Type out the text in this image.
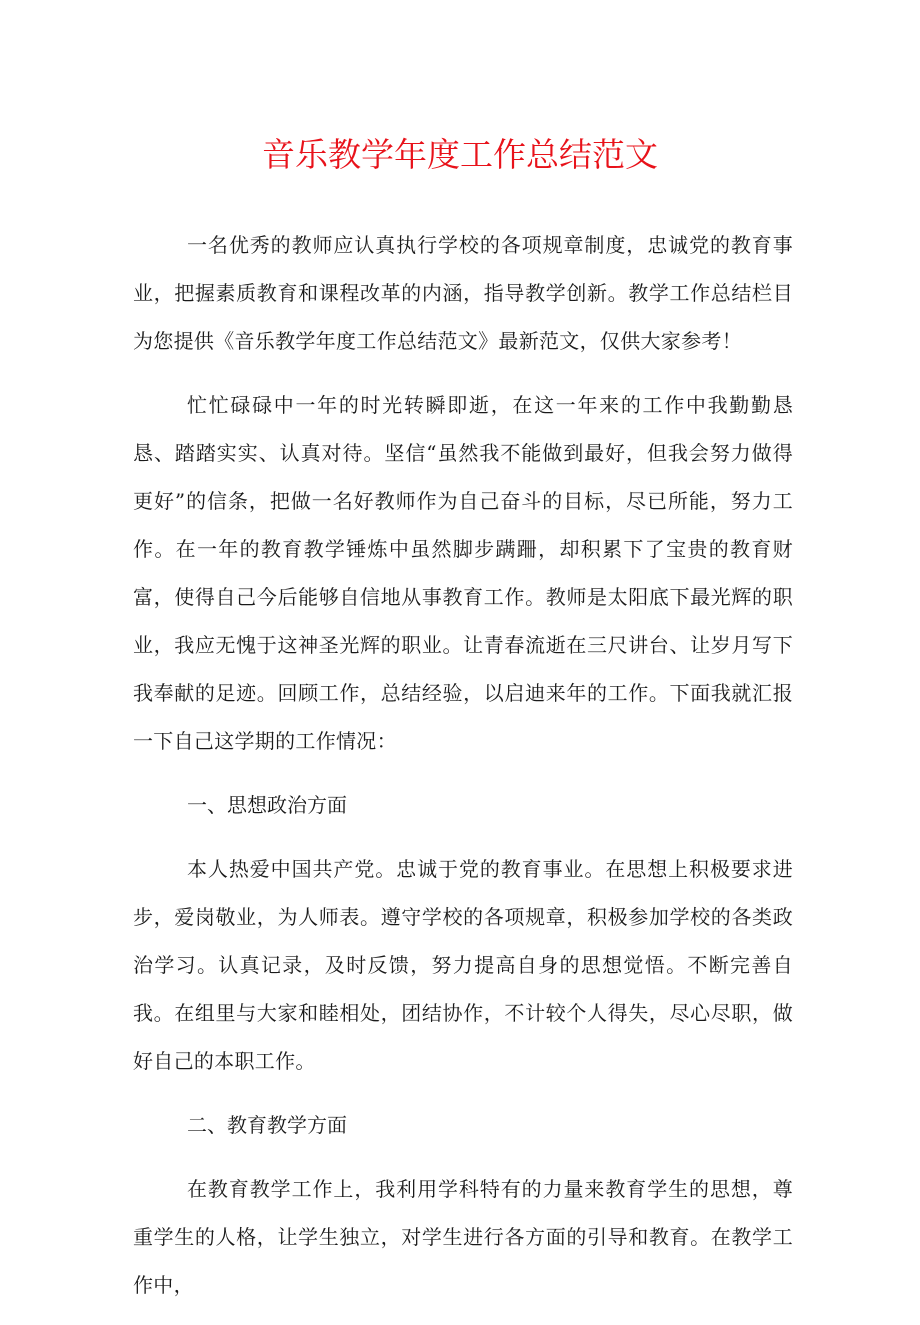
音乐教学年度工作总结范文

一名优秀的教师应认真执行学校的各项规章制度，忠诚党的教育事业，把握素质教育和课程改革的内涵，指导教学创新。教学工作总结栏目为您提供《音乐教学年度工作总结范文》最新范文，仅供大家参考！

忙忙碌碌中一年的时光转瞬即逝，在这一年来的工作中我勤勤恳恳、踏踏实实、认真对待。坚信“虽然我不能做到最好，但我会努力做得更好”的信条，把做一名好教师作为自己奋斗的目标，尽已所能，努力工作。在一年的教育教学锤炼中虽然脚步蹒跚，却积累下了宝贵的教育财富，使得自己今后能够自信地从事教育工作。教师是太阳底下最光辉的职业，我应无愧于这神圣光辉的职业。让青春流逝在三尺讲台、让岁月写下我奉献的足迹。回顾工作，总结经验，以启迪来年的工作。下面我就汇报一下自己这学期的工作情况：

一、思想政治方面

本人热爱中国共产党。忠诚于党的教育事业。在思想上积极要求进步，爱岗敬业，为人师表。遵守学校的各项规章，积极参加学校的各类政治学习。认真记录，及时反馈，努力提高自身的思想觉悟。不断完善自我。在组里与大家和睦相处，团结协作，不计较个人得失，尽心尽职，做好自己的本职工作。

二、教育教学方面

在教育教学工作上，我利用学科特有的力量来教育学生的思想，尊重学生的人格，让学生独立，对学生进行各方面的引导和教育。在教学工作中，
